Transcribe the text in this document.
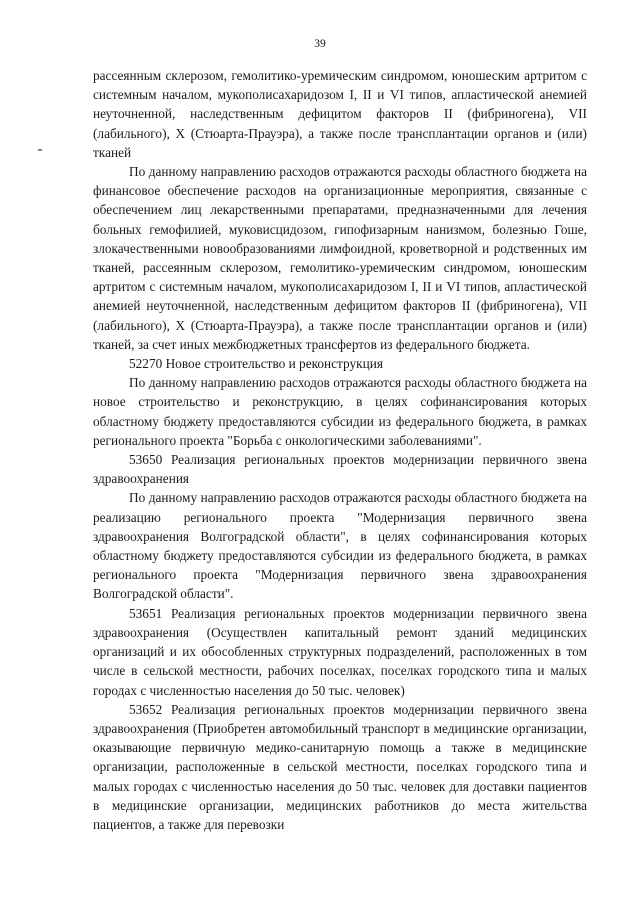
39

рассеянным склерозом, гемолитико-уремическим синдромом, юношеским артритом с системным началом, мукополисахаридозом I, II и VI типов, апластической анемией неуточненной, наследственным дефицитом факторов II (фибриногена), VII (лабильного), X (Стюарта-Прауэра), а также после трансплантации органов и (или) тканей

По данному направлению расходов отражаются расходы областного бюджета на финансовое обеспечение расходов на организационные мероприятия, связанные с обеспечением лиц лекарственными препаратами, предназначенными для лечения больных гемофилией, муковисцидозом, гипофизарным нанизмом, болезнью Гоше, злокачественными новообразованиями лимфоидной, кроветворной и родственных им тканей, рассеянным склерозом, гемолитико-уремическим синдромом, юношеским артритом с системным началом, мукополисахаридозом I, II и VI типов, апластической анемией неуточненной, наследственным дефицитом факторов II (фибриногена), VII (лабильного), X (Стюарта-Прауэра), а также после трансплантации органов и (или) тканей, за счет иных межбюджетных трансфертов из федерального бюджета.

52270 Новое строительство и реконструкция

По данному направлению расходов отражаются расходы областного бюджета на новое строительство и реконструкцию, в целях софинансирования которых областному бюджету предоставляются субсидии из федерального бюджета, в рамках регионального проекта "Борьба с онкологическими заболеваниями".

53650 Реализация региональных проектов модернизации первичного звена здравоохранения

По данному направлению расходов отражаются расходы областного бюджета на реализацию регионального проекта "Модернизация первичного звена здравоохранения Волгоградской области", в целях софинансирования которых областному бюджету предоставляются субсидии из федерального бюджета, в рамках регионального проекта "Модернизация первичного звена здравоохранения Волгоградской области".

53651 Реализация региональных проектов модернизации первичного звена здравоохранения (Осуществлен капитальный ремонт зданий медицинских организаций и их обособленных структурных подразделений, расположенных в том числе в сельской местности, рабочих поселках, поселках городского типа и малых городах с численностью населения до 50 тыс. человек)

53652 Реализация региональных проектов модернизации первичного звена здравоохранения (Приобретен автомобильный транспорт в медицинские организации, оказывающие первичную медико-санитарную помощь а также в медицинские организации, расположенные в сельской местности, поселках городского типа и малых городах с численностью населения до 50 тыс. человек для доставки пациентов в медицинские организации, медицинских работников до места жительства пациентов, а также для перевозки
